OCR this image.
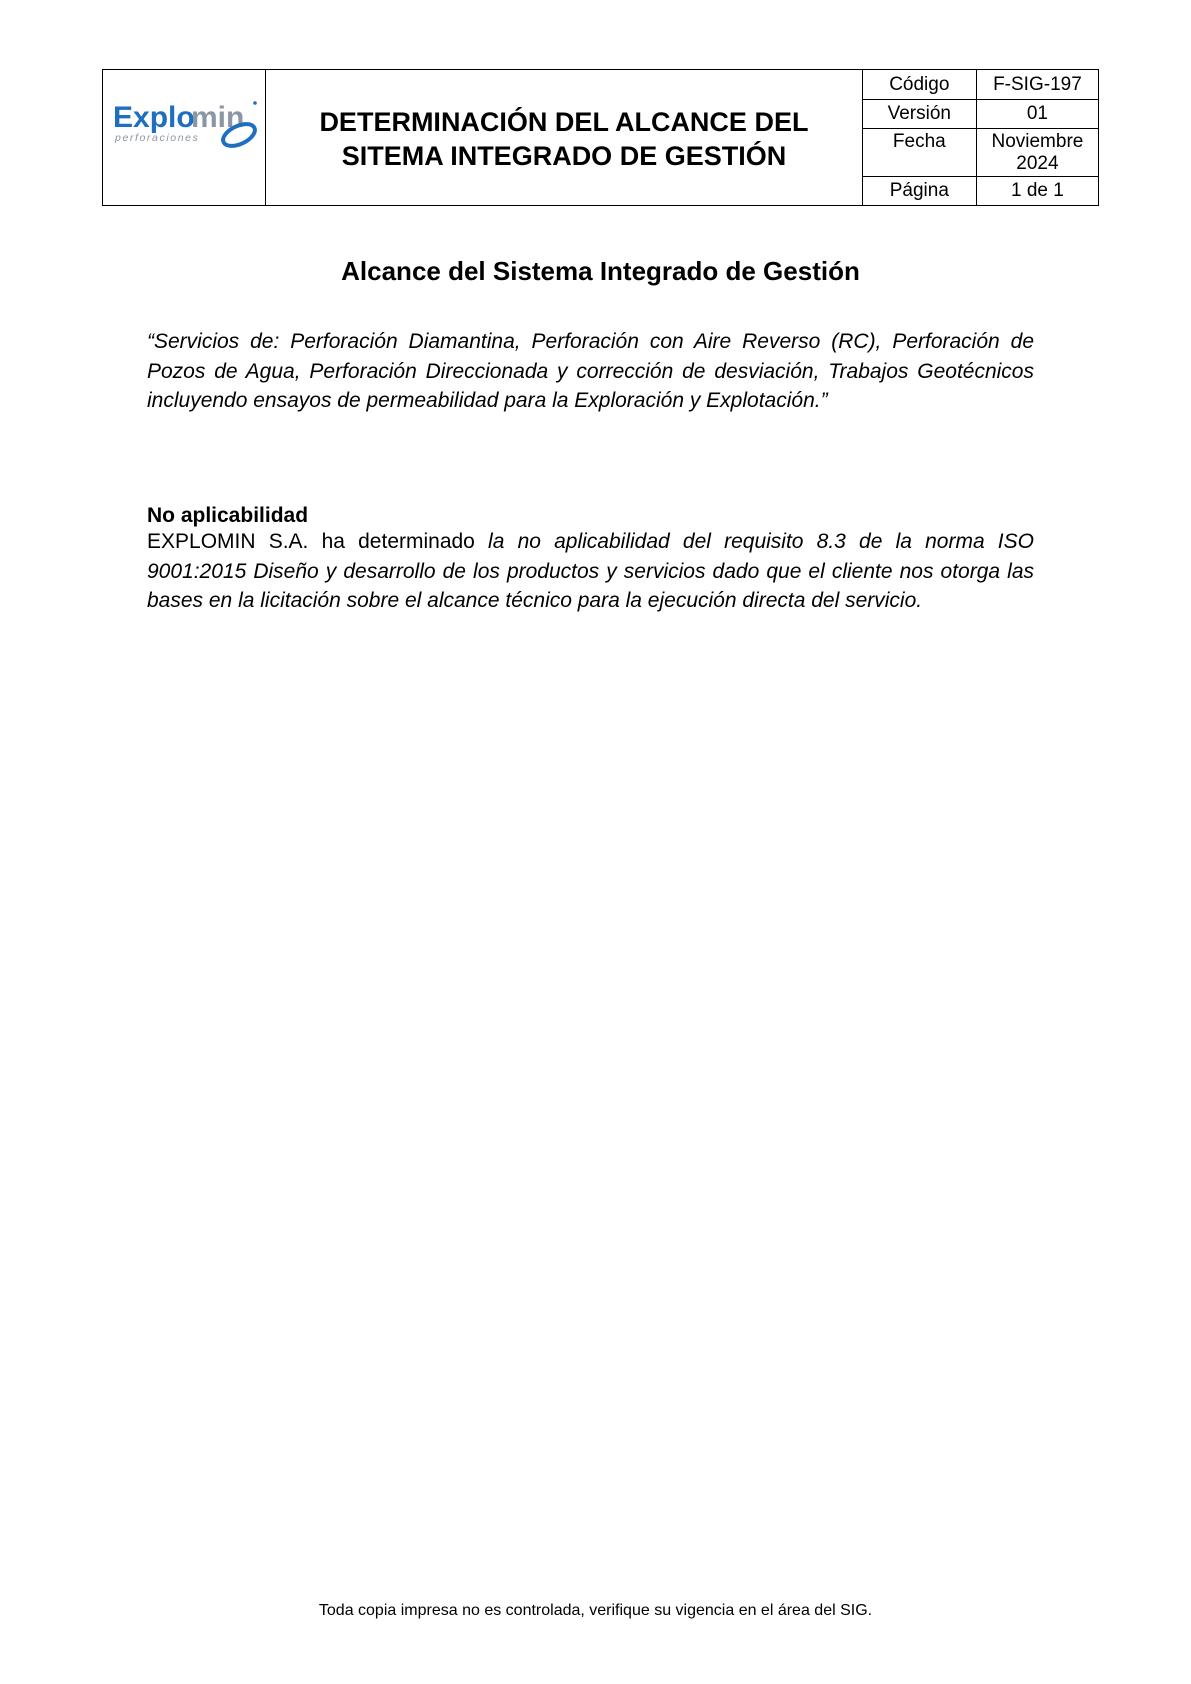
Explo
min
perforaciones	DETERMINACIÓN DEL ALCANCE DEL
SITEMA INTEGRADO DE GESTIÓN	Código	F-SIG-197
		Versión	01
		Fecha	Noviembre 2024
		Página	1 de 1
Alcance del Sistema Integrado de Gestión

“Servicios de: Perforación Diamantina, Perforación con Aire Reverso (RC), Perforación de Pozos de Agua, Perforación Direccionada y corrección de desviación, Trabajos Geotécnicos incluyendo ensayos de permeabilidad para la Exploración y Explotación.”

No aplicabilidad

EXPLOMIN S.A. ha determinado la no aplicabilidad del requisito 8.3 de la norma ISO 9001:2015 Diseño y desarrollo de los productos y servicios dado que el cliente nos otorga las bases en la licitación sobre el alcance técnico para la ejecución directa del servicio.

Toda copia impresa no es controlada, verifique su vigencia en el área del SIG.
